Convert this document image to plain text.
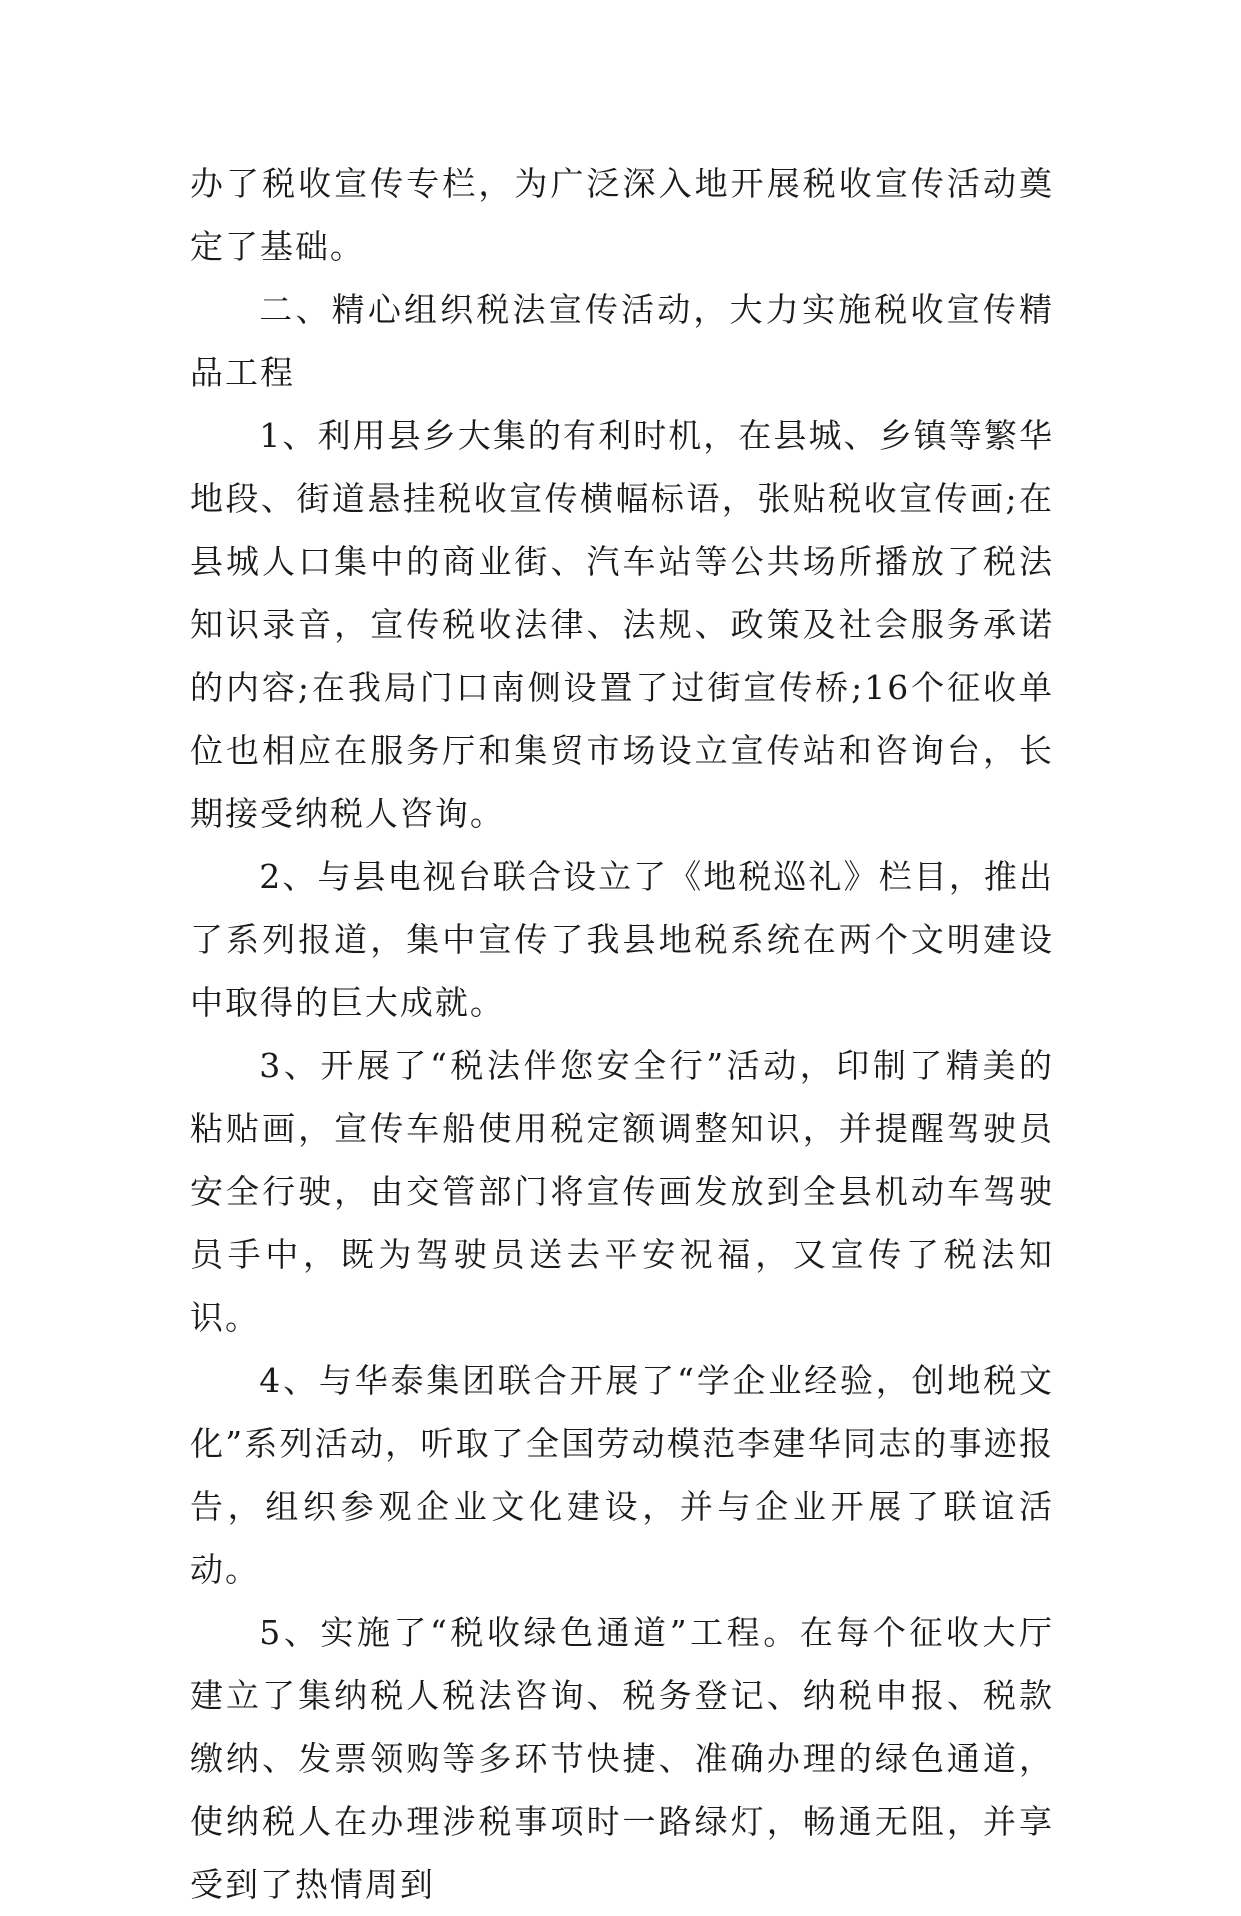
办了税收宣传专栏，为广泛深入地开展税收宣传活动奠定了基础。

二、精心组织税法宣传活动，大力实施税收宣传精品工程

1、利用县乡大集的有利时机，在县城、乡镇等繁华地段、街道悬挂税收宣传横幅标语，张贴税收宣传画;在县城人口集中的商业街、汽车站等公共场所播放了税法知识录音，宣传税收法律、法规、政策及社会服务承诺的内容;在我局门口南侧设置了过街宣传桥;16个征收单位也相应在服务厅和集贸市场设立宣传站和咨询台，长期接受纳税人咨询。

2、与县电视台联合设立了《地税巡礼》栏目，推出了系列报道，集中宣传了我县地税系统在两个文明建设中取得的巨大成就。

3、开展了“税法伴您安全行”活动，印制了精美的粘贴画，宣传车船使用税定额调整知识，并提醒驾驶员安全行驶，由交管部门将宣传画发放到全县机动车驾驶员手中，既为驾驶员送去平安祝福，又宣传了税法知识。

4、与华泰集团联合开展了“学企业经验，创地税文化”系列活动，听取了全国劳动模范李建华同志的事迹报告，组织参观企业文化建设，并与企业开展了联谊活动。

5、实施了“税收绿色通道”工程。在每个征收大厅建立了集纳税人税法咨询、税务登记、纳税申报、税款缴纳、发票领购等多环节快捷、准确办理的绿色通道，使纳税人在办理涉税事项时一路绿灯，畅通无阻，并享受到了热情周到
